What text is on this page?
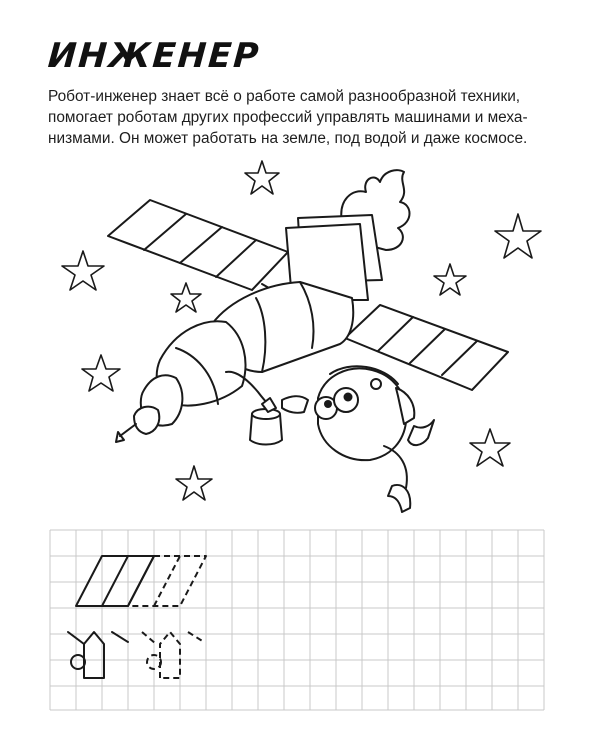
ИНЖЕНЕР
Робот-инженер знает всё о работе самой разнообразной техники,
помогает роботам других профессий управлять машинами и меха-
низмами. Он может работать на земле, под водой и даже космосе.
